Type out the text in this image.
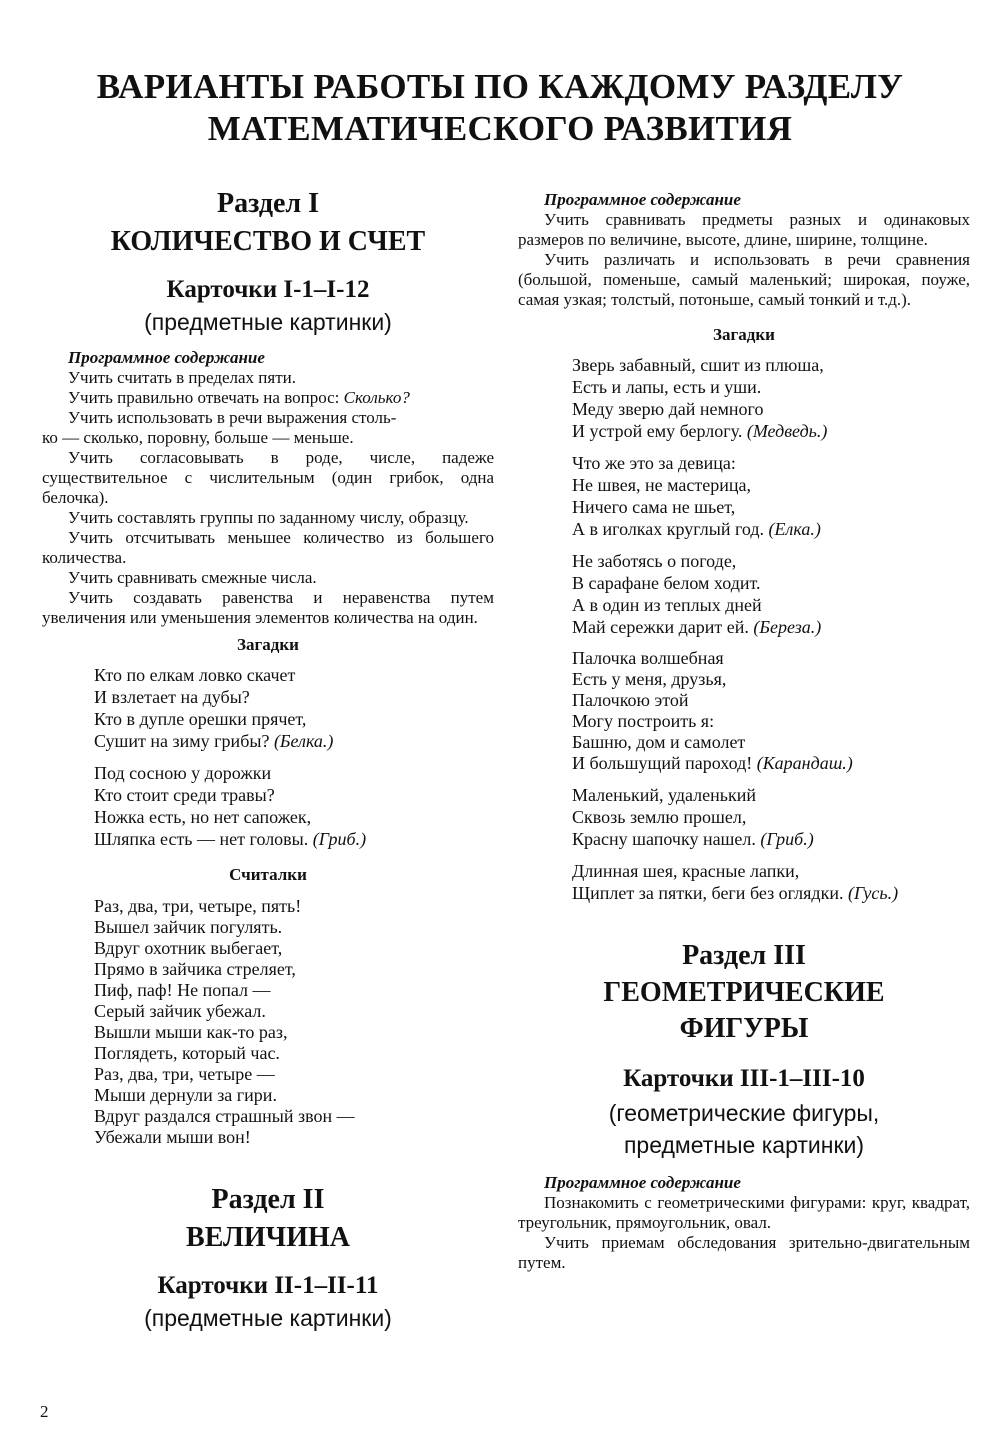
ВАРИАНТЫ РАБОТЫ ПО КАЖДОМУ РАЗДЕЛУ
МАТЕМАТИЧЕСКОГО РАЗВИТИЯ
Раздел I
КОЛИЧЕСТВО И СЧЕТ
Карточки I-1–I-12
(предметные картинки)
Программное содержание

Учить считать в пределах пяти.

Учить правильно отвечать на вопрос: Сколько?

Учить использовать в речи выражения столь-
ко — сколько, поровну, больше — меньше.

Учить согласовывать в роде, числе, падеже существительное с числительным (один грибок, одна белочка).

Учить составлять группы по заданному числу, образцу.

Учить отсчитывать меньшее количество из большего количества.

Учить сравнивать смежные числа.

Учить создавать равенства и неравенства путем увеличения или уменьшения элементов количества на один.

Загадки
Кто по елкам ловко скачет
И взлетает на дубы?
Кто в дупле орешки прячет,
Сушит на зиму грибы? (Белка.)
Под сосною у дорожки
Кто стоит среди травы?
Ножка есть, но нет сапожек,
Шляпка есть — нет головы. (Гриб.)
Считалки
Раз, два, три, четыре, пять!
Вышел зайчик погулять.
Вдруг охотник выбегает,
Прямо в зайчика стреляет,
Пиф, паф! Не попал —
Серый зайчик убежал.
Вышли мыши как-то раз,
Поглядеть, который час.
Раз, два, три, четыре —
Мыши дернули за гири.
Вдруг раздался страшный звон —
Убежали мыши вон!
Раздел II
ВЕЛИЧИНА
Карточки II-1–II-11
(предметные картинки)
Программное содержание

Учить сравнивать предметы разных и одинаковых размеров по величине, высоте, длине, ширине, толщине.

Учить различать и использовать в речи сравнения (большой, поменьше, самый маленький; широкая, поуже, самая узкая; толстый, потоньше, самый тонкий и т.д.).

Загадки
Зверь забавный, сшит из плюша,
Есть и лапы, есть и уши.
Меду зверю дай немного
И устрой ему берлогу. (Медведь.)
Что же это за девица:
Не швея, не мастерица,
Ничего сама не шьет,
А в иголках круглый год. (Елка.)
Не заботясь о погоде,
В сарафане белом ходит.
А в один из теплых дней
Май сережки дарит ей. (Береза.)
Палочка волшебная
Есть у меня, друзья,
Палочкою этой
Могу построить я:
Башню, дом и самолет
И большущий пароход! (Карандаш.)
Маленький, удаленький
Сквозь землю прошел,
Красну шапочку нашел. (Гриб.)
Длинная шея, красные лапки,
Щиплет за пятки, беги без оглядки. (Гусь.)
Раздел III
ГЕОМЕТРИЧЕСКИЕ
ФИГУРЫ
Карточки III-1–III-10
(геометрические фигуры,
предметные картинки)
Программное содержание

Познакомить с геометрическими фигурами: круг, квадрат, треугольник, прямоугольник, овал.

Учить приемам обследования зрительно-двигательным путем.

2
